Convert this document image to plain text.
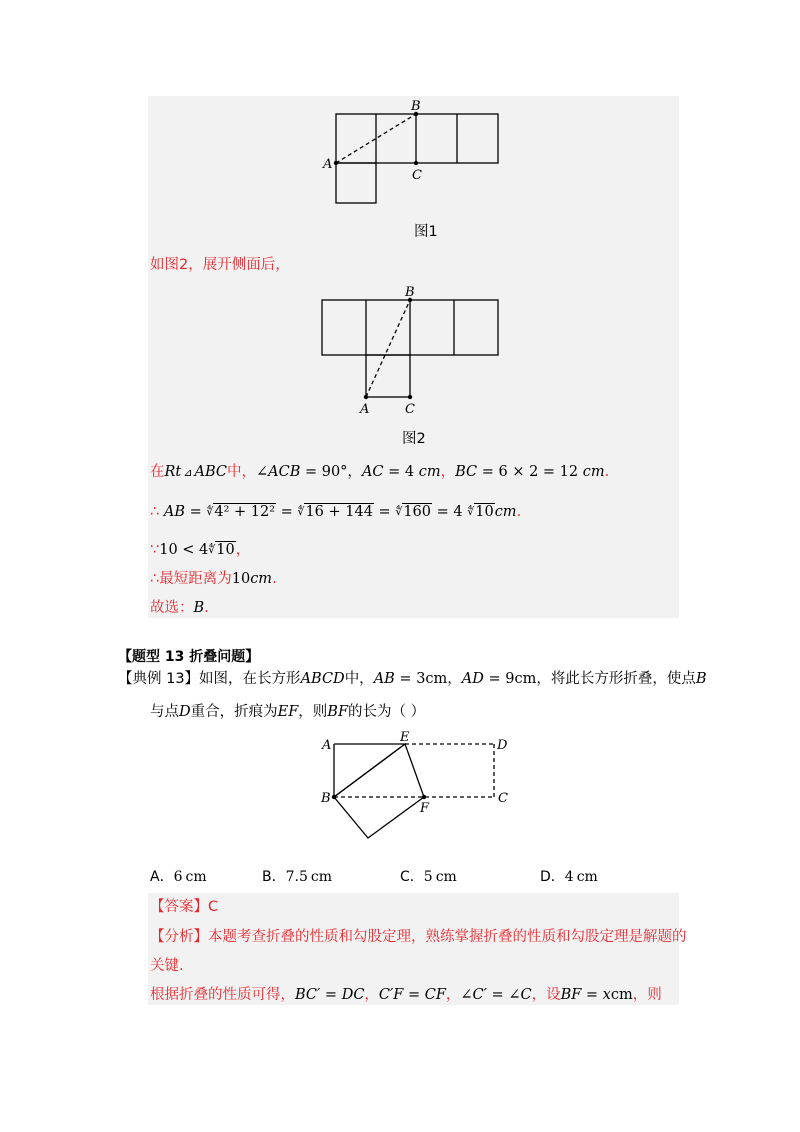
B
A
C
图1
如图2，展开侧面后，
B
A	C
图2
在Rt ⊿ ABC中，∠ACB = 90°，AC = 4 cm，BC = 6 × 2 = 12 cm.
∴ AB = ∜4² + 12² = ∜16 + 144 = ∜160 = 4 ∜10cm.
∵10 < 4∜10，
∴最短距离为10cm.
故选：B.
【题型 13 折叠问题】
【典例 13】如图，在长方形ABCD中，AB = 3cm，AD = 9cm，将此长方形折叠，使点B
与点D重合，折痕为EF，则BF的长为（ ）
A
E
D
B
F
C
A．6 cm	B．7.5 cm	C．5 cm	D．4 cm
【答案】C
【分析】本题考查折叠的性质和勾股定理，熟练掌握折叠的性质和勾股定理是解题的
关键.
根据折叠的性质可得，BC′ = DC，C′F = CF，∠C′ = ∠C，设BF = xcm，则
